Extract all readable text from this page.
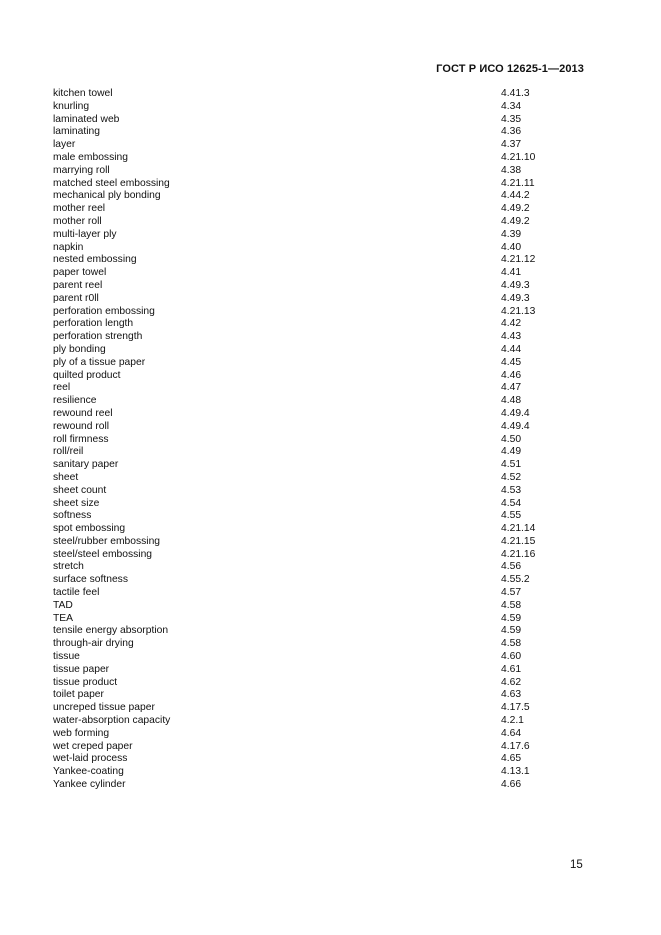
ГОСТ Р ИСО 12625-1—2013
kitchen towel	4.41.3
knurling	4.34
laminated web	4.35
laminating	4.36
layer	4.37
male embossing	4.21.10
marrying roll	4.38
matched steel embossing	4.21.11
mechanical ply bonding	4.44.2
mother reel	4.49.2
mother roll	4.49.2
multi-layer ply	4.39
napkin	4.40
nested embossing	4.21.12
paper towel	4.41
parent reel	4.49.3
parent r0ll	4.49.3
perforation embossing	4.21.13
perforation length	4.42
perforation strength	4.43
ply bonding	4.44
ply of a tissue paper	4.45
quilted product	4.46
reel	4.47
resilience	4.48
rewound reel	4.49.4
rewound roll	4.49.4
roll firmness	4.50
roll/reil	4.49
sanitary paper	4.51
sheet	4.52
sheet count	4.53
sheet size	4.54
softness	4.55
spot embossing	4.21.14
steel/rubber embossing	4.21.15
steel/steel embossing	4.21.16
stretch	4.56
surface softness	4.55.2
tactile feel	4.57
TAD	4.58
TEA	4.59
tensile energy absorption	4.59
through-air drying	4.58
tissue	4.60
tissue paper	4.61
tissue product	4.62
toilet paper	4.63
uncreped tissue paper	4.17.5
water-absorption capacity	4.2.1
web forming	4.64
wet creped paper	4.17.6
wet-laid process	4.65
Yankee-coating	4.13.1
Yankee cylinder	4.66
15
